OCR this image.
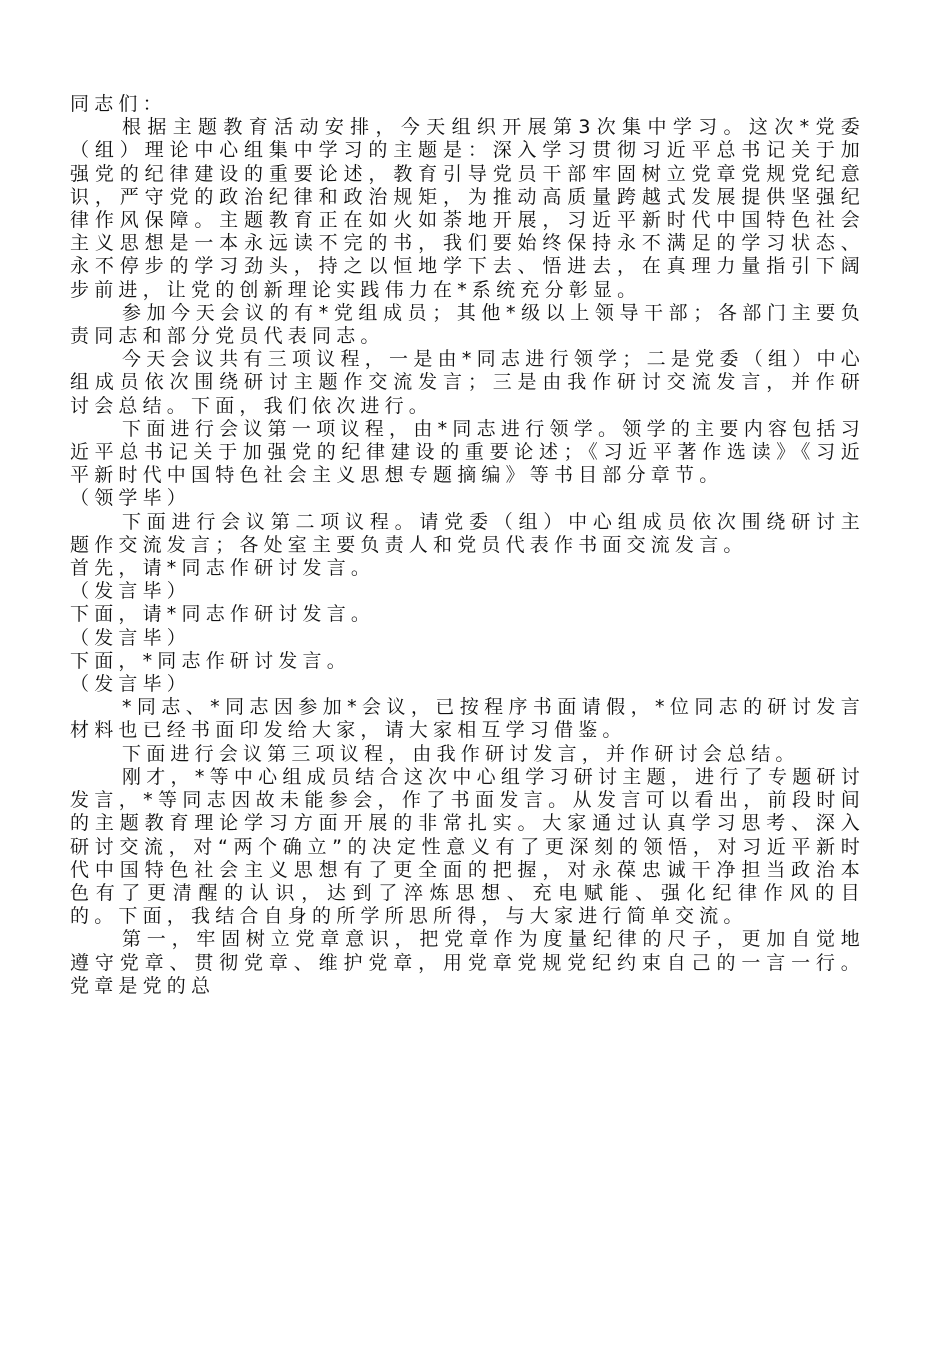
同志们：

根据主题教育活动安排，今天组织开展第3次集中学习。这次*党委（组）理论中心组集中学习的主题是：深入学习贯彻习近平总书记关于加强党的纪律建设的重要论述，教育引导党员干部牢固树立党章党规党纪意识，严守党的政治纪律和政治规矩，为推动高质量跨越式发展提供坚强纪律作风保障。主题教育正在如火如荼地开展，习近平新时代中国特色社会主义思想是一本永远读不完的书，我们要始终保持永不满足的学习状态、永不停步的学习劲头，持之以恒地学下去、悟进去，在真理力量指引下阔步前进，让党的创新理论实践伟力在*系统充分彰显。

参加今天会议的有*党组成员；其他*级以上领导干部；各部门主要负责同志和部分党员代表同志。

今天会议共有三项议程，一是由*同志进行领学；二是党委（组）中心组成员依次围绕研讨主题作交流发言；三是由我作研讨交流发言，并作研讨会总结。下面，我们依次进行。

下面进行会议第一项议程，由*同志进行领学。领学的主要内容包括习近平总书记关于加强党的纪律建设的重要论述；《习近平著作选读》《习近平新时代中国特色社会主义思想专题摘编》等书目部分章节。

（领学毕）

下面进行会议第二项议程。请党委（组）中心组成员依次围绕研讨主题作交流发言；各处室主要负责人和党员代表作书面交流发言。

首先，请*同志作研讨发言。

（发言毕）

下面，请*同志作研讨发言。

（发言毕）

下面，*同志作研讨发言。

（发言毕）

*同志、*同志因参加*会议，已按程序书面请假，*位同志的研讨发言材料也已经书面印发给大家，请大家相互学习借鉴。

下面进行会议第三项议程，由我作研讨发言，并作研讨会总结。

刚才，*等中心组成员结合这次中心组学习研讨主题，进行了专题研讨发言，*等同志因故未能参会，作了书面发言。从发言可以看出，前段时间的主题教育理论学习方面开展的非常扎实。大家通过认真学习思考、深入研讨交流，对“两个确立”的决定性意义有了更深刻的领悟，对习近平新时代中国特色社会主义思想有了更全面的把握，对永葆忠诚干净担当政治本色有了更清醒的认识，达到了淬炼思想、充电赋能、强化纪律作风的目的。下面，我结合自身的所学所思所得，与大家进行简单交流。

第一，牢固树立党章意识，把党章作为度量纪律的尺子，更加自觉地遵守党章、贯彻党章、维护党章，用党章党规党纪约束自己的一言一行。党章是党的总
